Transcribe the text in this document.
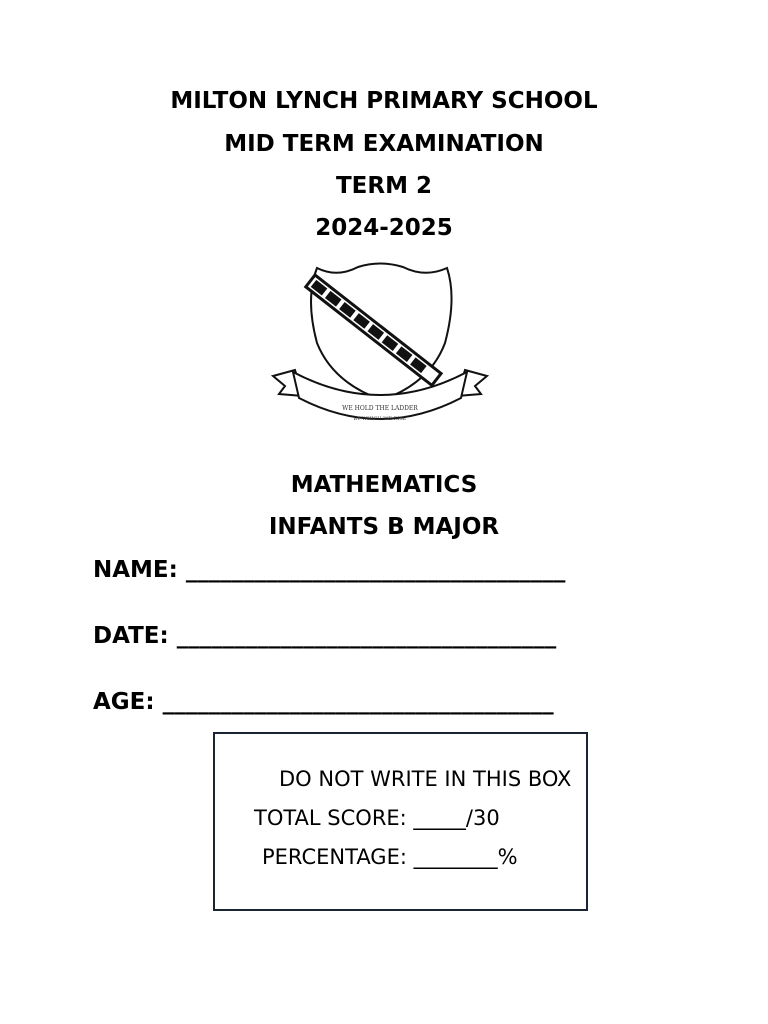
MILTON LYNCH PRIMARY SCHOOL
MID TERM EXAMINATION
TERM 2
2024-2025
WE HOLD THE LADDER
BY WHICH WE RISE
MATHEMATICS
INFANTS B MAJOR
NAME: _________________________________
DATE: _________________________________
AGE: __________________________________
DO NOT WRITE IN THIS BOX
TOTAL SCORE: _____/30
PERCENTAGE: ________%
